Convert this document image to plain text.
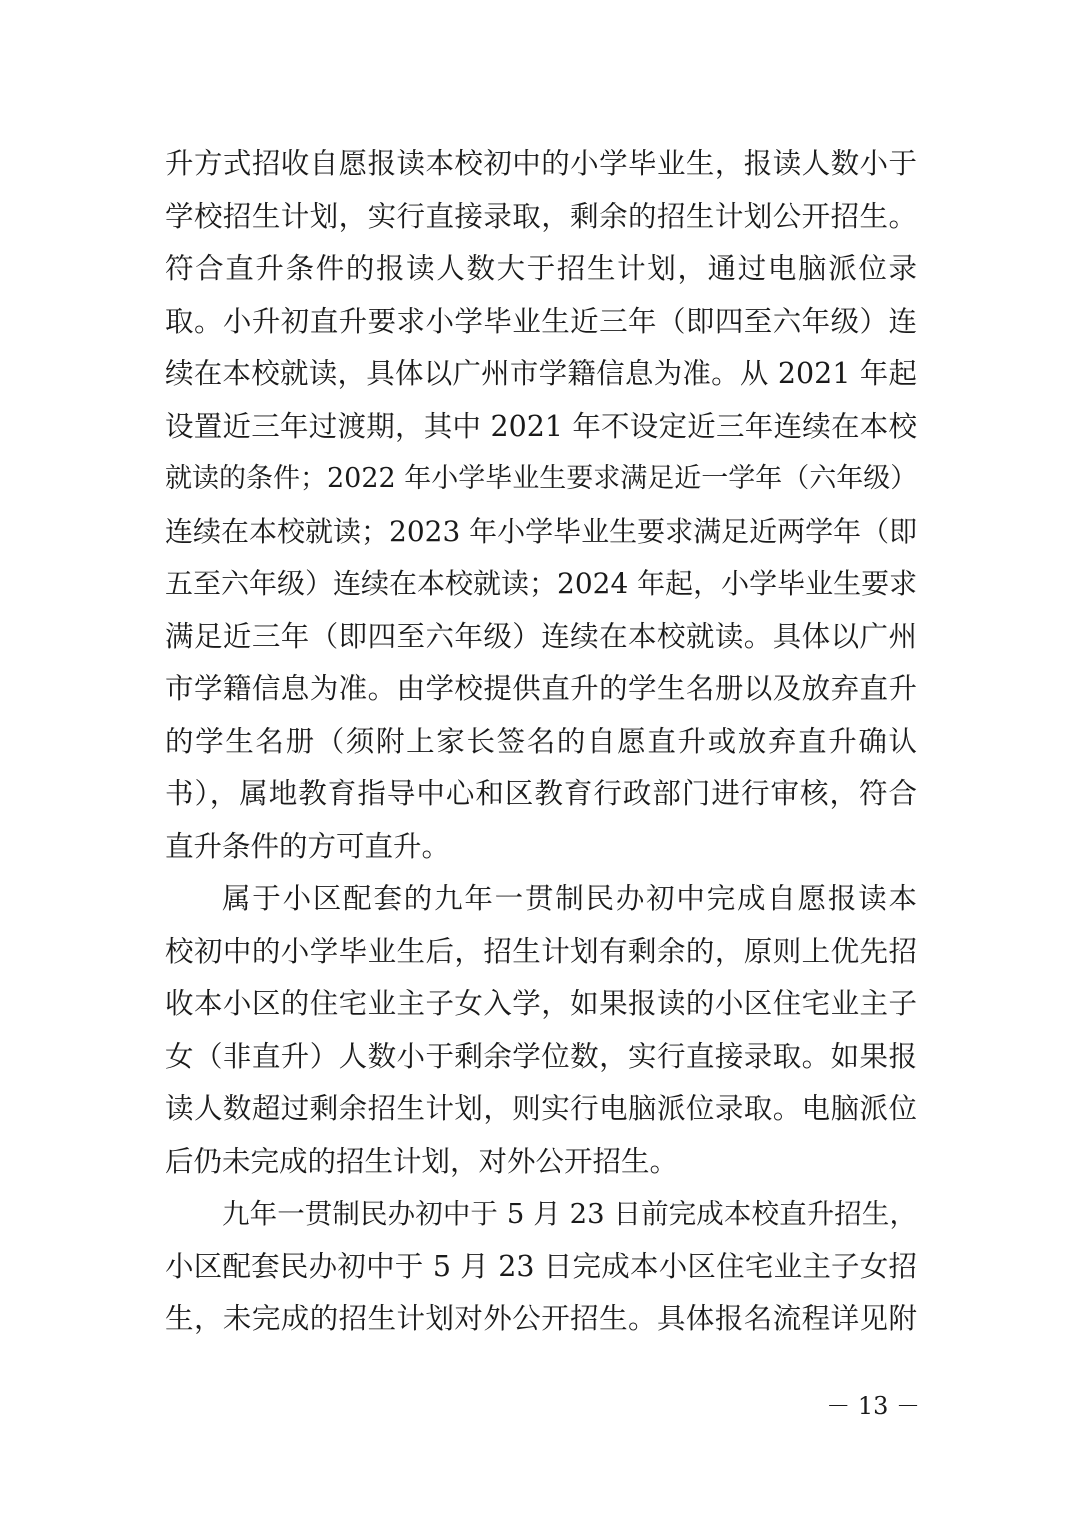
升方式招收自愿报读本校初中的小学毕业生，报读人数小于
学校招生计划，实行直接录取，剩余的招生计划公开招生。
符合直升条件的报读人数大于招生计划，通过电脑派位录
取。小升初直升要求小学毕业生近三年（即四至六年级）连
续在本校就读，具体以广州市学籍信息为准。从 2021 年起
设置近三年过渡期，其中 2021 年不设定近三年连续在本校
就读的条件；2022 年小学毕业生要求满足近一学年（六年级）
连续在本校就读；2023 年小学毕业生要求满足近两学年（即
五至六年级）连续在本校就读；2024 年起，小学毕业生要求
满足近三年（即四至六年级）连续在本校就读。具体以广州
市学籍信息为准。由学校提供直升的学生名册以及放弃直升
的学生名册（须附上家长签名的自愿直升或放弃直升确认
书），属地教育指导中心和区教育行政部门进行审核，符合
直升条件的方可直升。
属于小区配套的九年一贯制民办初中完成自愿报读本
校初中的小学毕业生后，招生计划有剩余的，原则上优先招
收本小区的住宅业主子女入学，如果报读的小区住宅业主子
女（非直升）人数小于剩余学位数，实行直接录取。如果报
读人数超过剩余招生计划，则实行电脑派位录取。电脑派位
后仍未完成的招生计划，对外公开招生。
九年一贯制民办初中于 5 月 23 日前完成本校直升招生，
小区配套民办初中于 5 月 23 日完成本小区住宅业主子女招
生，未完成的招生计划对外公开招生。具体报名流程详见附
－ 13 －
